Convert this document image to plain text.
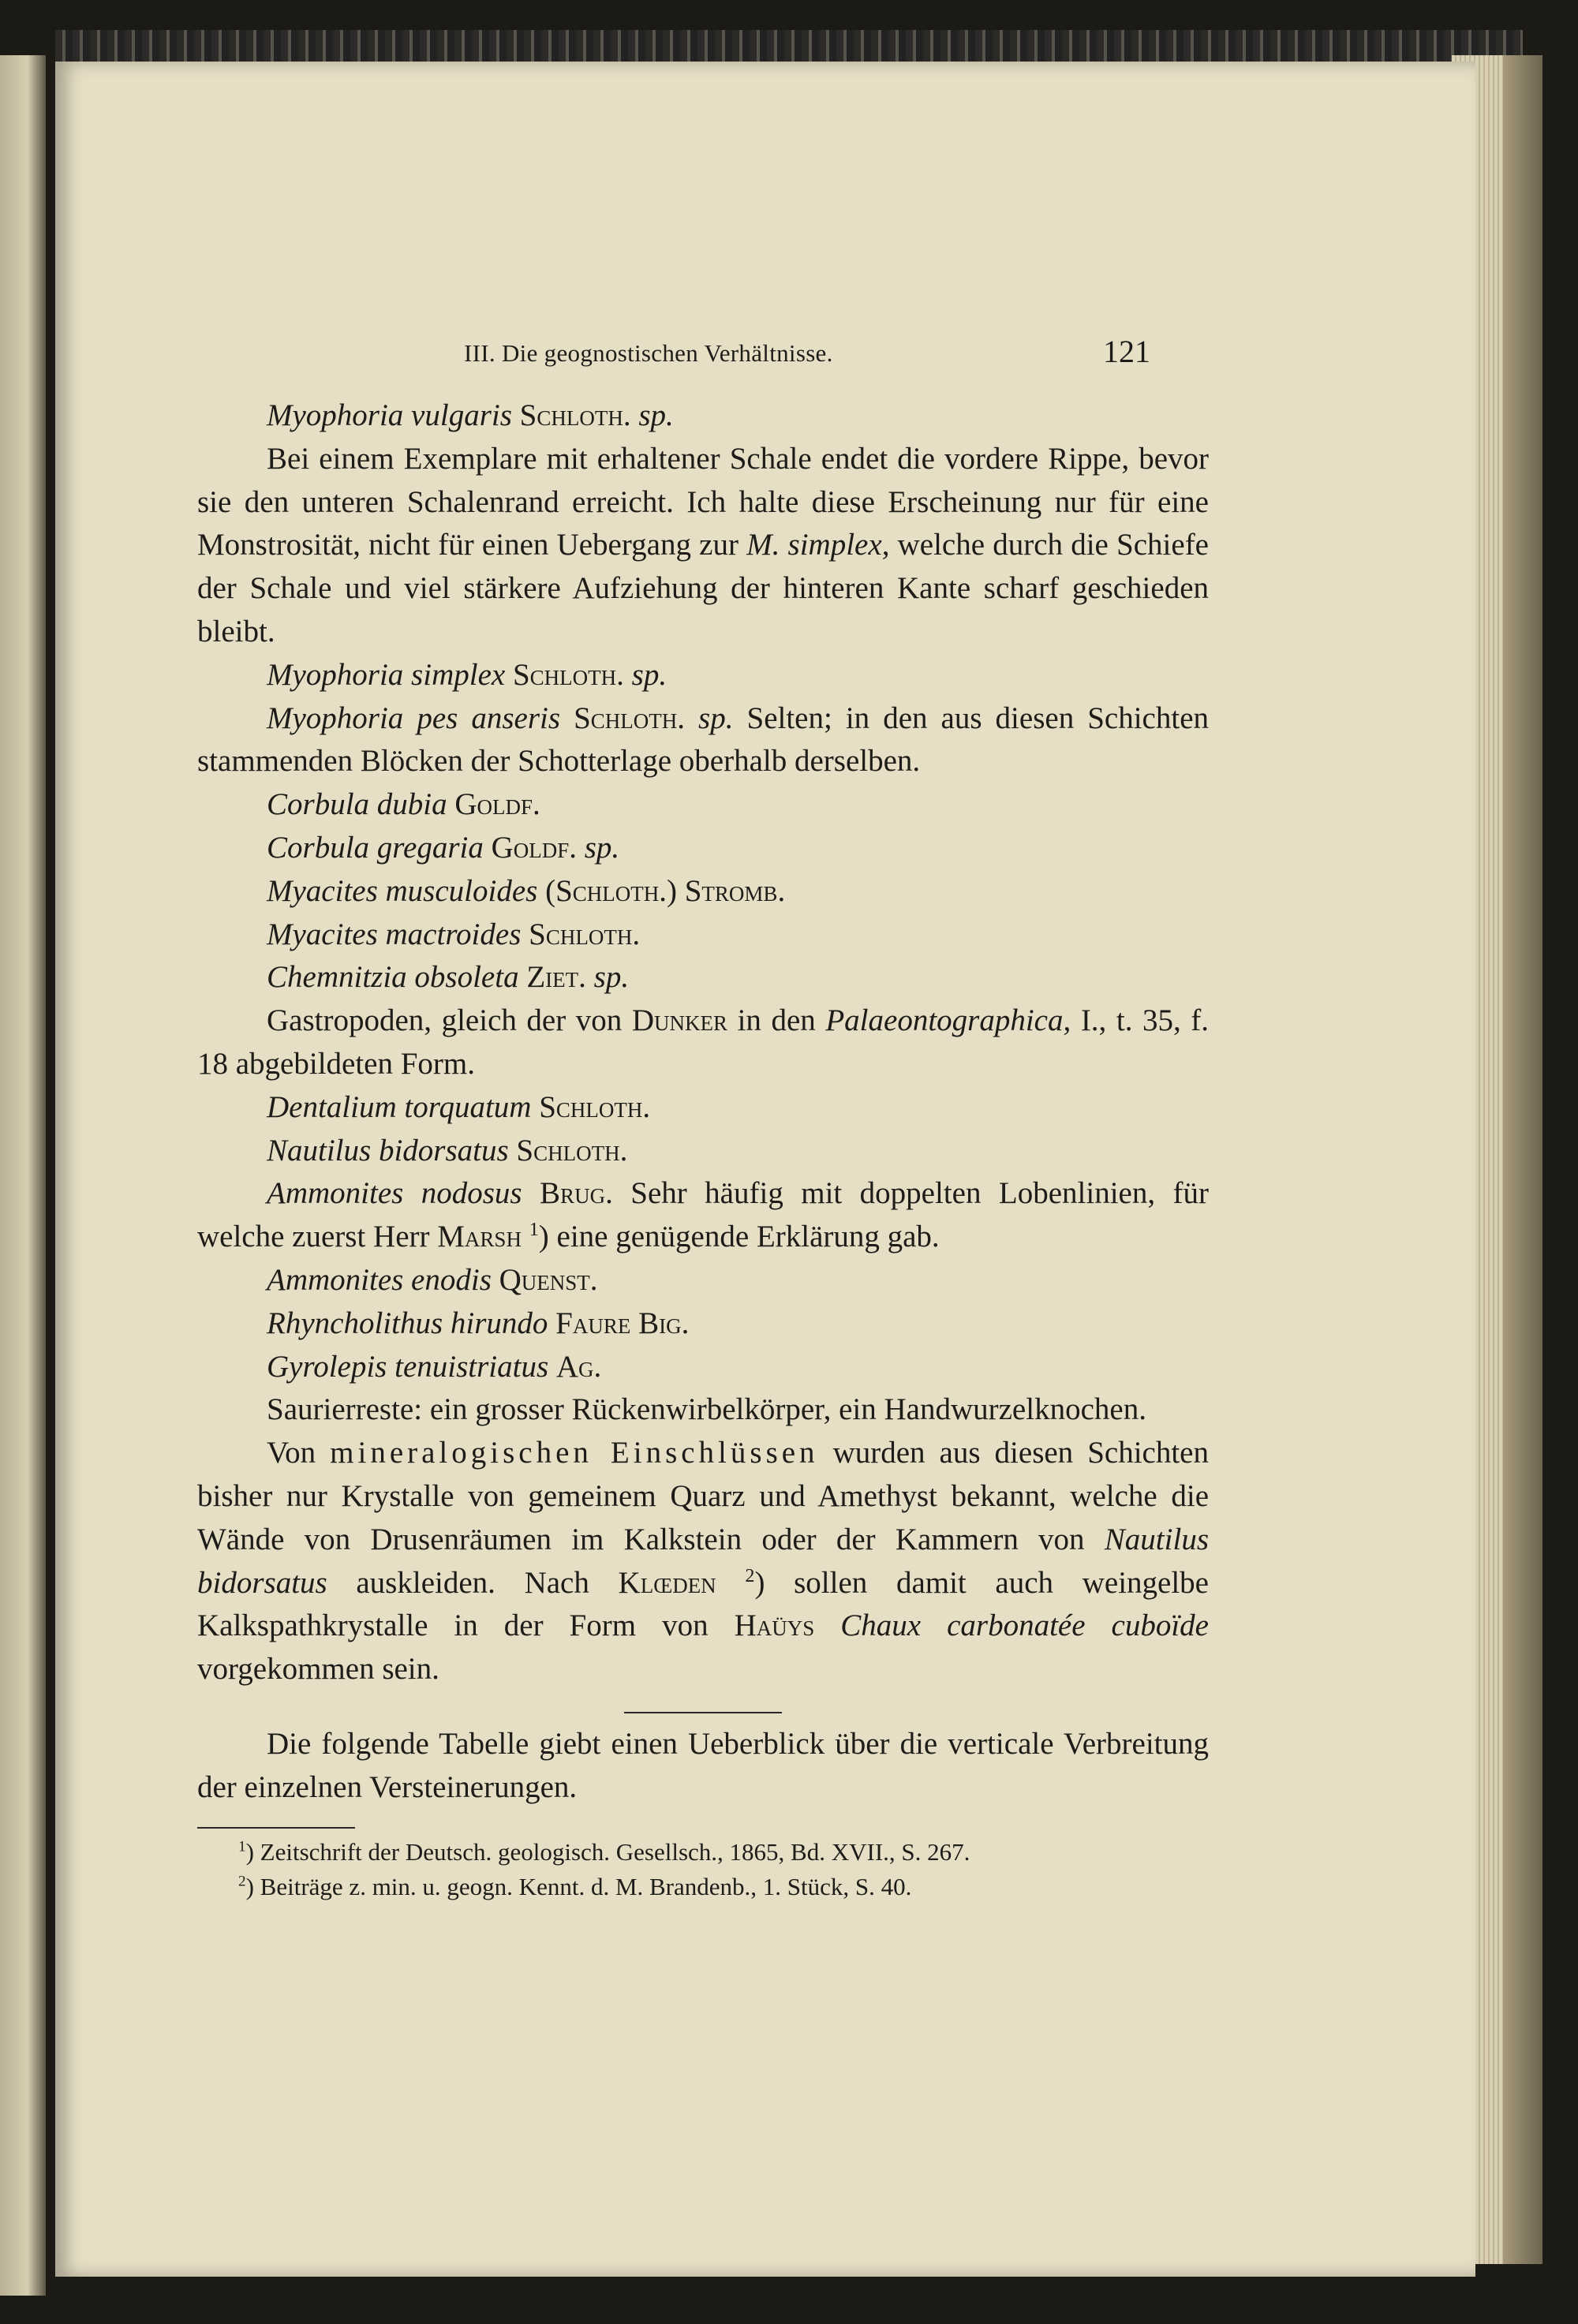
III. Die geognostischen Verhältnisse.	121

Myophoria vulgaris Schloth. sp.

Bei einem Exemplare mit erhaltener Schale endet die vordere Rippe, bevor sie den unteren Schalenrand erreicht. Ich halte diese Erscheinung nur für eine Monstrosität, nicht für einen Uebergang zur M. simplex, welche durch die Schiefe der Schale und viel stärkere Aufziehung der hinteren Kante scharf geschieden bleibt.

Myophoria simplex Schloth. sp.

Myophoria pes anseris Schloth. sp. Selten; in den aus diesen Schichten stammenden Blöcken der Schotterlage oberhalb derselben.

Corbula dubia Goldf.

Corbula gregaria Goldf. sp.

Myacites musculoides (Schloth.) Stromb.

Myacites mactroides Schloth.

Chemnitzia obsoleta Ziet. sp.

Gastropoden, gleich der von Dunker in den Palaeontographica, I., t. 35, f. 18 abgebildeten Form.

Dentalium torquatum Schloth.

Nautilus bidorsatus Schloth.

Ammonites nodosus Brug. Sehr häufig mit doppelten Lobenlinien, für welche zuerst Herr Marsh $^1$) eine genügende Erklärung gab.

Ammonites enodis Quenst.

Rhyncholithus hirundo Faure Big.

Gyrolepis tenuistriatus Ag.

Saurierreste: ein grosser Rückenwirbelkörper, ein Handwurzelknochen.

Von mineralogischen Einschlüssen wurden aus diesen Schichten bisher nur Krystalle von gemeinem Quarz und Amethyst bekannt, welche die Wände von Drusenräumen im Kalkstein oder der Kammern von Nautilus bidorsatus auskleiden. Nach Klœden $^2$) sollen damit auch weingelbe Kalkspathkrystalle in der Form von Haüys Chaux carbonatée cuboïde vorgekommen sein.

Die folgende Tabelle giebt einen Ueberblick über die verticale Verbreitung der einzelnen Versteinerungen.

$^1$) Zeitschrift der Deutsch. geologisch. Gesellsch., 1865, Bd. XVII., S. 267.

$^2$) Beiträge z. min. u. geogn. Kennt. d. M. Brandenb., 1. Stück, S. 40.
